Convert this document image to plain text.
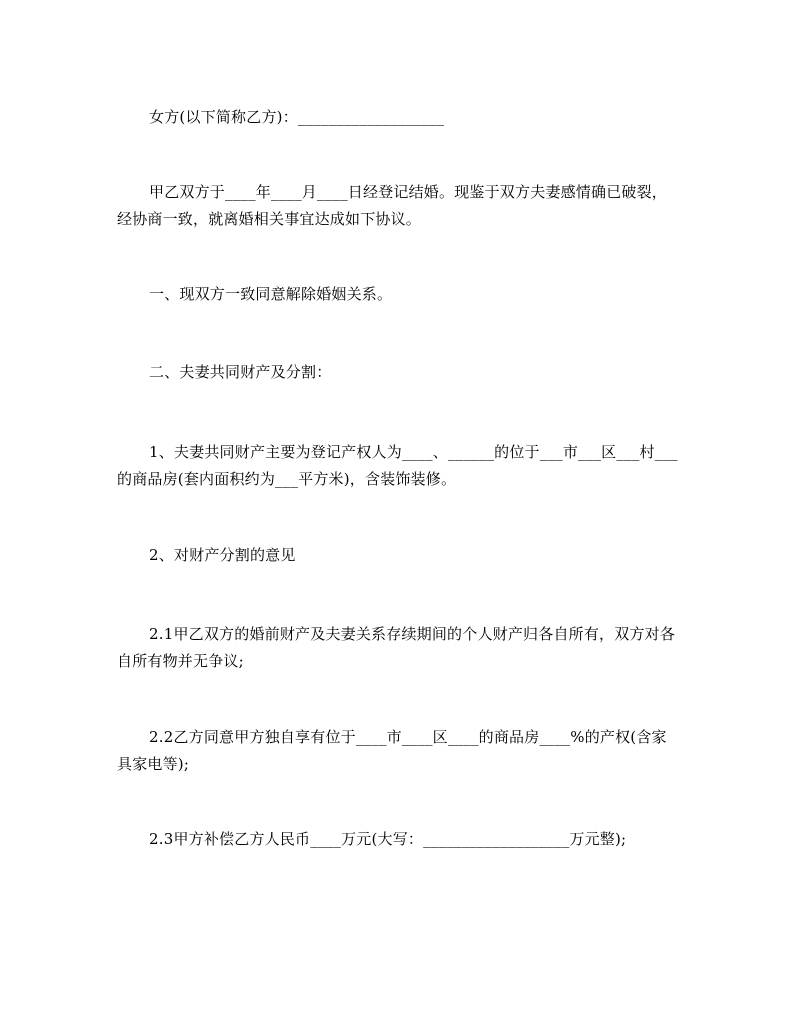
女方(以下简称乙方)：___________________

甲乙双方于____年____月____日经登记结婚。现鉴于双方夫妻感情确已破裂，经协商一致，就离婚相关事宜达成如下协议。

一、现双方一致同意解除婚姻关系。

二、夫妻共同财产及分割：

1、夫妻共同财产主要为登记产权人为____、______的位于___市___区___村___的商品房(套内面积约为___平方米)，含装饰装修。

2、对财产分割的意见

2.1甲乙双方的婚前财产及夫妻关系存续期间的个人财产归各自所有，双方对各自所有物并无争议;

2.2乙方同意甲方独自享有位于____市____区____的商品房____%的产权(含家具家电等);

2.3甲方补偿乙方人民币____万元(大写：___________________万元整);
